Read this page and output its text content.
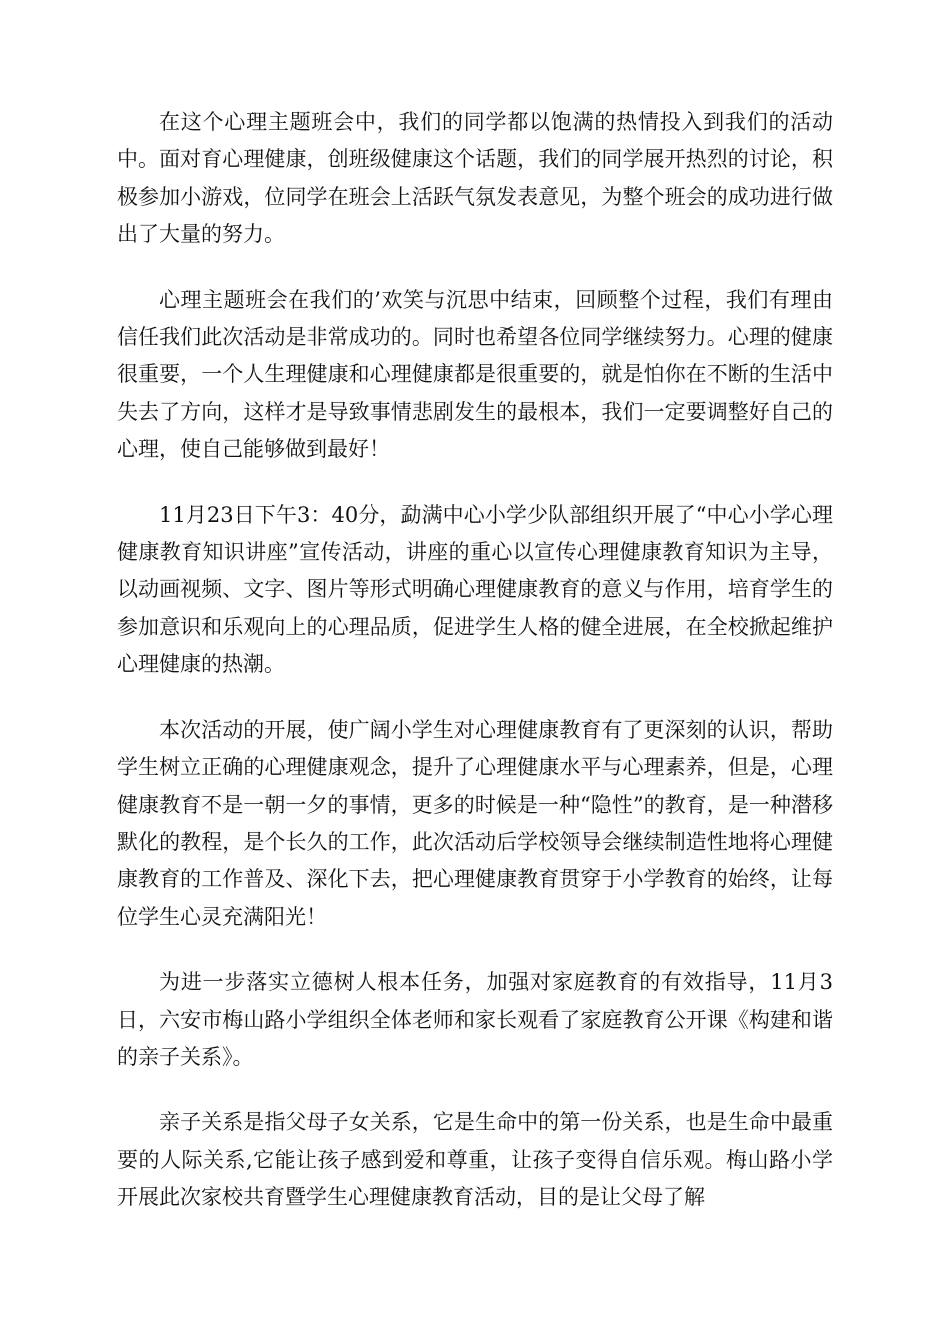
在这个心理主题班会中，我们的同学都以饱满的热情投入到我们的活动中。面对育心理健康，创班级健康这个话题，我们的同学展开热烈的讨论，积极参加小游戏，位同学在班会上活跃气氛发表意见，为整个班会的成功进行做出了大量的努力。

心理主题班会在我们的’欢笑与沉思中结束，回顾整个过程，我们有理由信任我们此次活动是非常成功的。同时也希望各位同学继续努力。心理的健康很重要，一个人生理健康和心理健康都是很重要的，就是怕你在不断的生活中失去了方向，这样才是导致事情悲剧发生的最根本，我们一定要调整好自己的心理，使自己能够做到最好！

11月23日下午3：40分，勐满中心小学少队部组织开展了“中心小学心理健康教育知识讲座”宣传活动，讲座的重心以宣传心理健康教育知识为主导，以动画视频、文字、图片等形式明确心理健康教育的意义与作用，培育学生的参加意识和乐观向上的心理品质，促进学生人格的健全进展，在全校掀起维护心理健康的热潮。

本次活动的开展，使广阔小学生对心理健康教育有了更深刻的认识，帮助学生树立正确的心理健康观念，提升了心理健康水平与心理素养，但是，心理健康教育不是一朝一夕的事情，更多的时候是一种“隐性”的教育，是一种潜移默化的教程，是个长久的工作，此次活动后学校领导会继续制造性地将心理健康教育的工作普及、深化下去，把心理健康教育贯穿于小学教育的始终，让每位学生心灵充满阳光！

为进一步落实立德树人根本任务，加强对家庭教育的有效指导，11月3日，六安市梅山路小学组织全体老师和家长观看了家庭教育公开课《构建和谐的亲子关系》。

亲子关系是指父母子女关系，它是生命中的第一份关系，也是生命中最重要的人际关系,它能让孩子感到爱和尊重，让孩子变得自信乐观。梅山路小学开展此次家校共育暨学生心理健康教育活动，目的是让父母了解
